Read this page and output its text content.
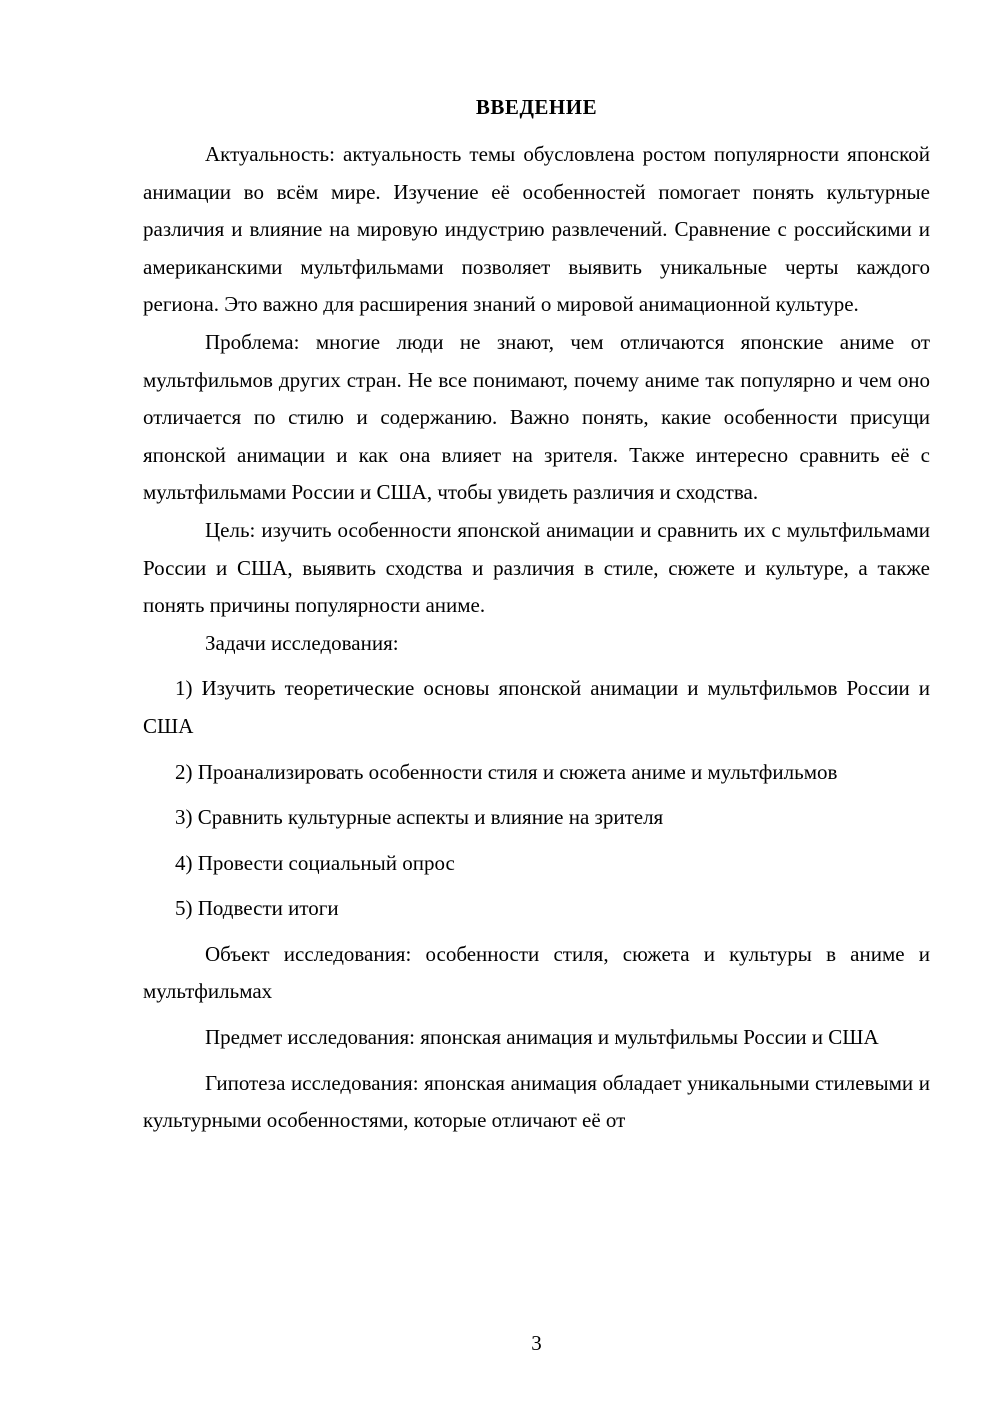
ВВЕДЕНИЕ

Актуальность: актуальность темы обусловлена ростом популярности японской анимации во всём мире. Изучение её особенностей помогает понять культурные различия и влияние на мировую индустрию развлечений. Сравнение с российскими и американскими мультфильмами позволяет выявить уникальные черты каждого региона. Это важно для расширения знаний о мировой анимационной культуре.

Проблема: многие люди не знают, чем отличаются японские аниме от мультфильмов других стран. Не все понимают, почему аниме так популярно и чем оно отличается по стилю и содержанию. Важно понять, какие особенности присущи японской анимации и как она влияет на зрителя. Также интересно сравнить её с мультфильмами России и США, чтобы увидеть различия и сходства.

Цель: изучить особенности японской анимации и сравнить их с мультфильмами России и США, выявить сходства и различия в стиле, сюжете и культуре, а также понять причины популярности аниме.

Задачи исследования:

1) Изучить теоретические основы японской анимации и мультфильмов России и США

2) Проанализировать особенности стиля и сюжета аниме и мультфильмов

3) Сравнить культурные аспекты и влияние на зрителя

4) Провести социальный опрос

5) Подвести итоги

Объект исследования: особенности стиля, сюжета и культуры в аниме и мультфильмах

Предмет исследования: японская анимация и мультфильмы России и США

Гипотеза исследования: японская анимация обладает уникальными стилевыми и культурными особенностями, которые отличают её от

3
